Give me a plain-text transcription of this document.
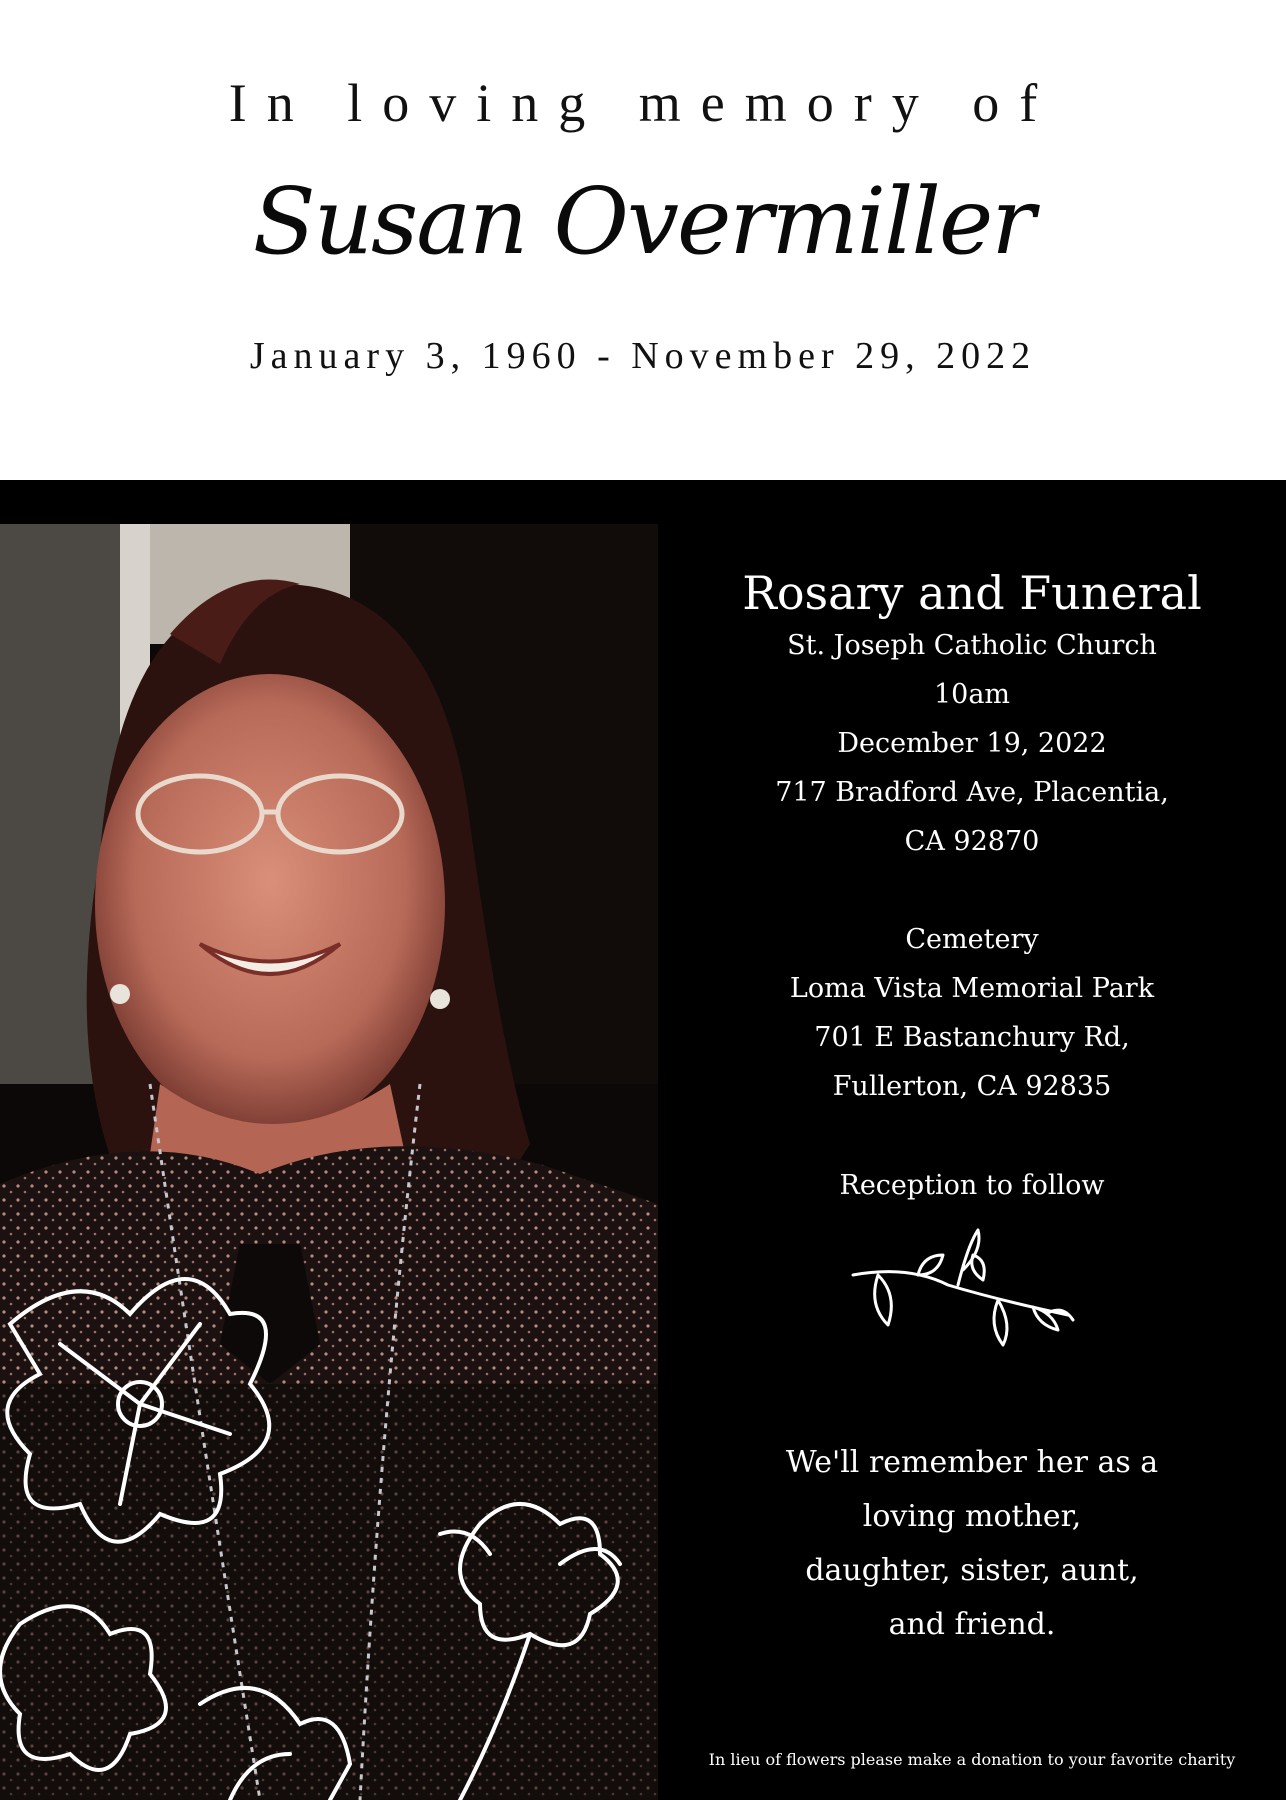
In loving memory of
Susan Overmiller
January 3, 1960 - November 29, 2022
Rosary and Funeral
St. Joseph Catholic Church
10am
December 19, 2022
717 Bradford Ave, Placentia,
CA 92870
Cemetery
Loma Vista Memorial Park
701 E Bastanchury Rd,
Fullerton, CA 92835
Reception to follow
We'll remember her as a
loving mother,
daughter, sister, aunt,
and friend.
In lieu of flowers please make a donation to your favorite charity
